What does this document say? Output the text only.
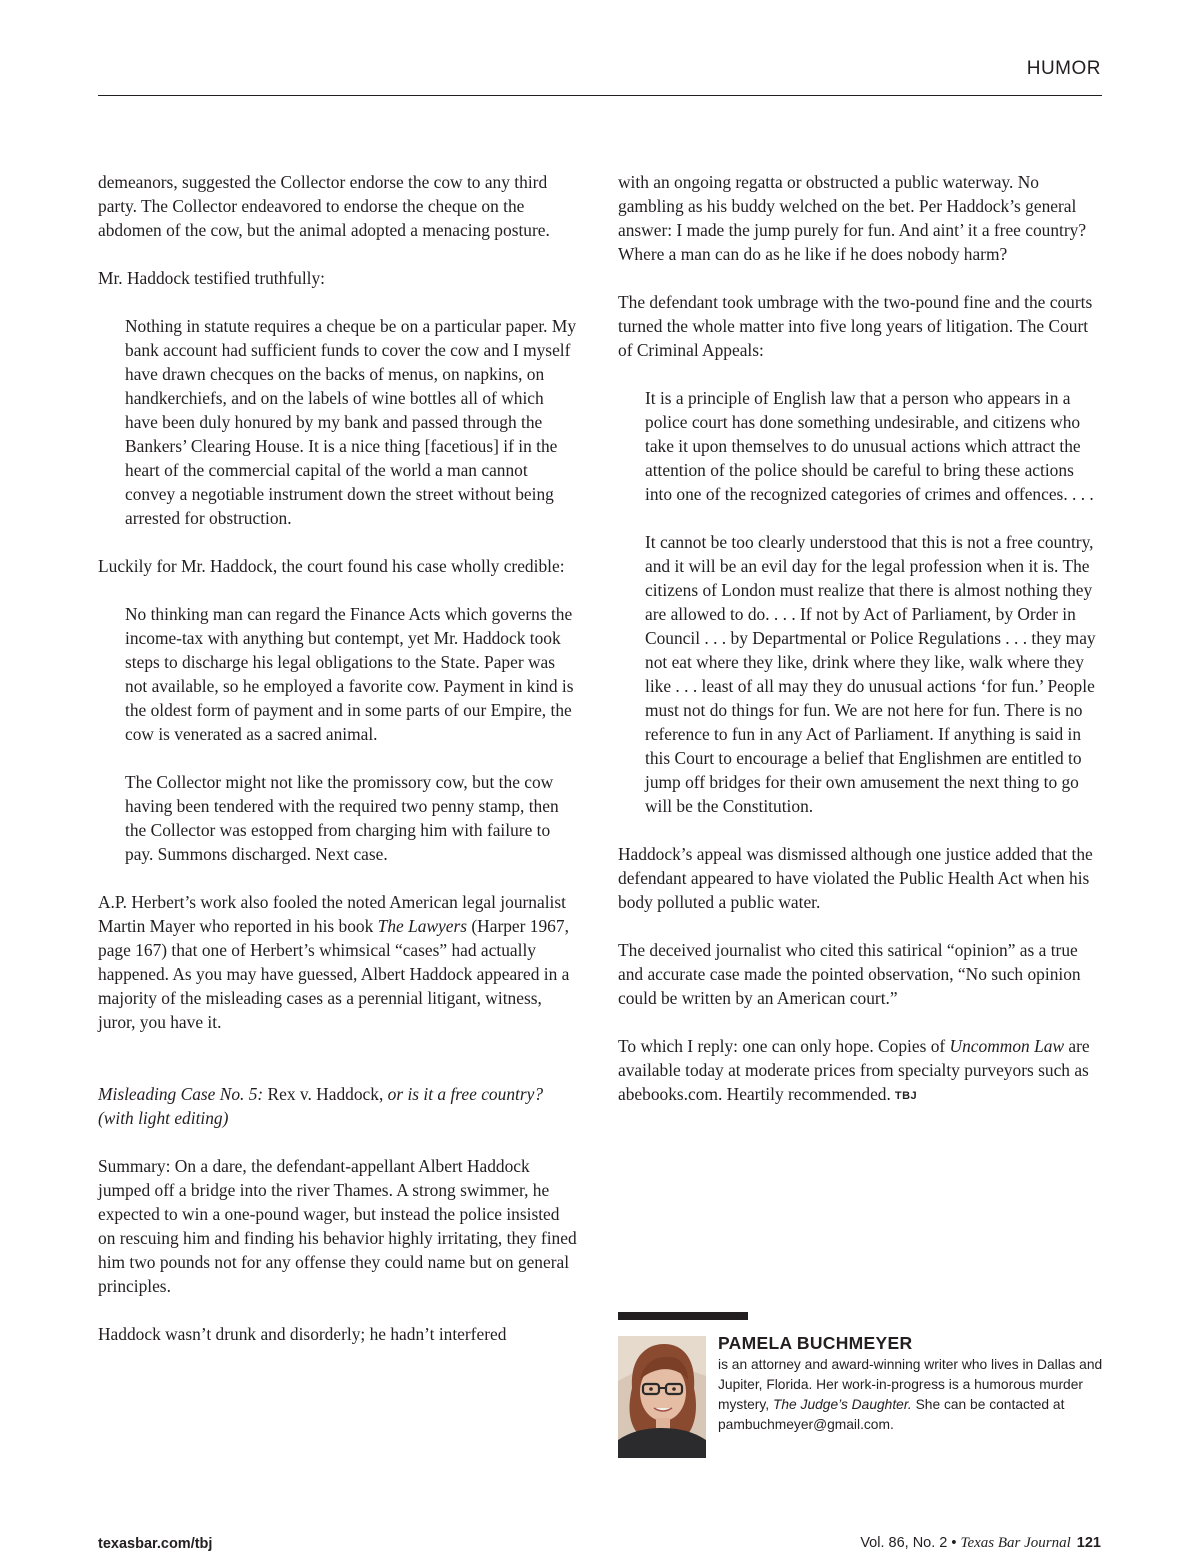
HUMOR

demeanors, suggested the Collector endorse the cow to any third party. The Collector endeavored to endorse the cheque on the abdomen of the cow, but the animal adopted a menacing posture.

Mr. Haddock testified truthfully:

Nothing in statute requires a cheque be on a particular paper. My bank account had sufficient funds to cover the cow and I myself have drawn checques on the backs of menus, on napkins, on handkerchiefs, and on the labels of wine bottles all of which have been duly honured by my bank and passed through the Bankers’ Clearing House. It is a nice thing [facetious] if in the heart of the commercial capital of the world a man cannot convey a negotiable instrument down the street without being arrested for obstruction.

Luckily for Mr. Haddock, the court found his case wholly credible:

No thinking man can regard the Finance Acts which governs the income-tax with anything but contempt, yet Mr. Haddock took steps to discharge his legal obligations to the State. Paper was not available, so he employed a favorite cow. Payment in kind is the oldest form of payment and in some parts of our Empire, the cow is venerated as a sacred animal.

The Collector might not like the promissory cow, but the cow having been tendered with the required two penny stamp, then the Collector was estopped from charging him with failure to pay. Summons discharged. Next case.

A.P. Herbert’s work also fooled the noted American legal journalist Martin Mayer who reported in his book The Lawyers (Harper 1967, page 167) that one of Herbert’s whimsical “cases” had actually happened. As you may have guessed, Albert Haddock appeared in a majority of the misleading cases as a perennial litigant, witness, juror, you have it.

Misleading Case No. 5: Rex v. Haddock, or is it a free country? (with light editing)

Summary: On a dare, the defendant-appellant Albert Haddock jumped off a bridge into the river Thames. A strong swimmer, he expected to win a one-pound wager, but instead the police insisted on rescuing him and finding his behavior highly irritating, they fined him two pounds not for any offense they could name but on general principles.

Haddock wasn’t drunk and disorderly; he hadn’t interfered

with an ongoing regatta or obstructed a public waterway. No gambling as his buddy welched on the bet. Per Haddock’s general answer: I made the jump purely for fun. And aint’ it a free country? Where a man can do as he like if he does nobody harm?

The defendant took umbrage with the two-pound fine and the courts turned the whole matter into five long years of litigation. The Court of Criminal Appeals:

It is a principle of English law that a person who appears in a police court has done something undesirable, and citizens who take it upon themselves to do unusual actions which attract the attention of the police should be careful to bring these actions into one of the recognized categories of crimes and offences. . . .

It cannot be too clearly understood that this is not a free country, and it will be an evil day for the legal profession when it is. The citizens of London must realize that there is almost nothing they are allowed to do. . . . If not by Act of Parliament, by Order in Council . . . by Departmental or Police Regulations . . . they may not eat where they like, drink where they like, walk where they like . . . least of all may they do unusual actions ‘for fun.’ People must not do things for fun. We are not here for fun. There is no reference to fun in any Act of Parliament. If anything is said in this Court to encourage a belief that Englishmen are entitled to jump off bridges for their own amusement the next thing to go will be the Constitution.

Haddock’s appeal was dismissed although one justice added that the defendant appeared to have violated the Public Health Act when his body polluted a public water.

The deceived journalist who cited this satirical “opinion” as a true and accurate case made the pointed observation, “No such opinion could be written by an American court.”

To which I reply: one can only hope. Copies of Uncommon Law are available today at moderate prices from specialty purveyors such as abebooks.com. Heartily recommended. TBJ

PAMELA BUCHMEYER
is an attorney and award-winning writer who lives in Dallas and Jupiter, Florida. Her work-in-progress is a humorous murder mystery, The Judge’s Daughter. She can be contacted at pambuchmeyer@gmail.com.
texasbar.com/tbj	Vol. 86, No. 2 • Texas Bar Journal 121
